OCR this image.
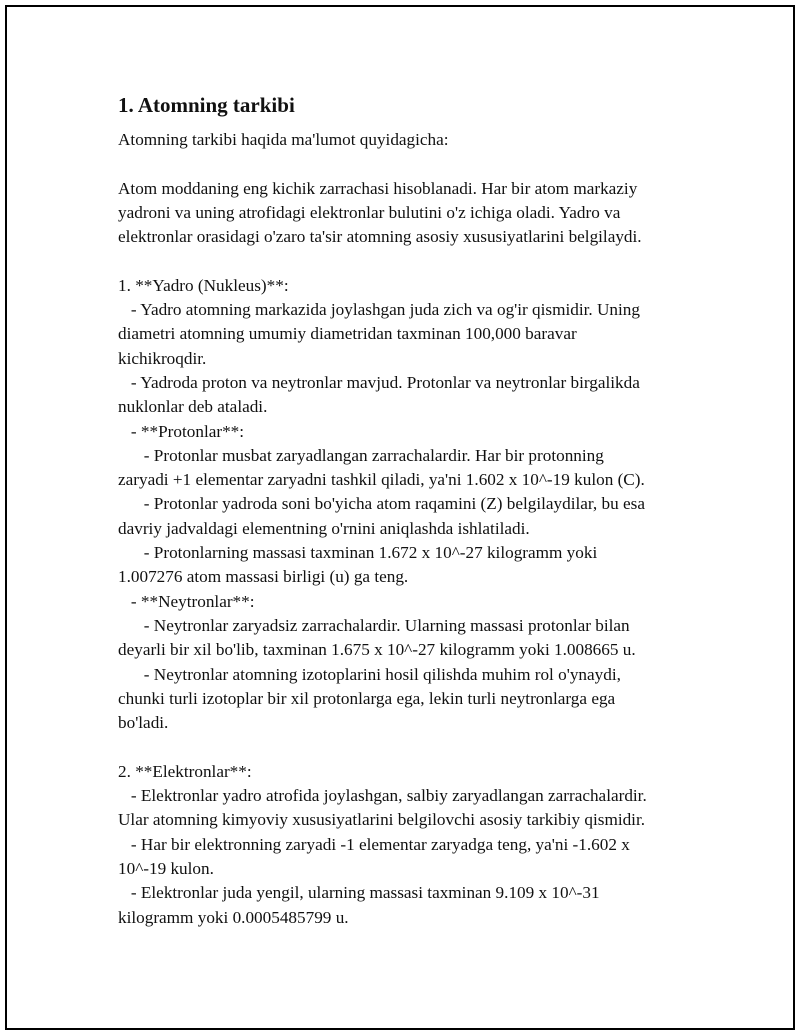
1. Atomning tarkibi
Atomning tarkibi haqida ma'lumot quyidagicha:
Atom moddaning eng kichik zarrachasi hisoblanadi. Har bir atom markaziy
yadroni va uning atrofidagi elektronlar bulutini o'z ichiga oladi. Yadro va
elektronlar orasidagi o'zaro ta'sir atomning asosiy xususiyatlarini belgilaydi.
1. **Yadro (Nukleus)**:
- Yadro atomning markazida joylashgan juda zich va og'ir qismidir. Uning
diametri atomning umumiy diametridan taxminan 100,000 baravar
kichikroqdir.
- Yadroda proton va neytronlar mavjud. Protonlar va neytronlar birgalikda
nuklonlar deb ataladi.
- **Protonlar**:
- Protonlar musbat zaryadlangan zarrachalardir. Har bir protonning
zaryadi +1 elementar zaryadni tashkil qiladi, ya'ni 1.602 x 10^-19 kulon (C).
- Protonlar yadroda soni bo'yicha atom raqamini (Z) belgilaydilar, bu esa
davriy jadvaldagi elementning o'rnini aniqlashda ishlatiladi.
- Protonlarning massasi taxminan 1.672 x 10^-27 kilogramm yoki
1.007276 atom massasi birligi (u) ga teng.
- **Neytronlar**:
- Neytronlar zaryadsiz zarrachalardir. Ularning massasi protonlar bilan
deyarli bir xil bo'lib, taxminan 1.675 x 10^-27 kilogramm yoki 1.008665 u.
- Neytronlar atomning izotoplarini hosil qilishda muhim rol o'ynaydi,
chunki turli izotoplar bir xil protonlarga ega, lekin turli neytronlarga ega
bo'ladi.
2. **Elektronlar**:
- Elektronlar yadro atrofida joylashgan, salbiy zaryadlangan zarrachalardir.
Ular atomning kimyoviy xususiyatlarini belgilovchi asosiy tarkibiy qismidir.
- Har bir elektronning zaryadi -1 elementar zaryadga teng, ya'ni -1.602 x
10^-19 kulon.
- Elektronlar juda yengil, ularning massasi taxminan 9.109 x 10^-31
kilogramm yoki 0.0005485799 u.
